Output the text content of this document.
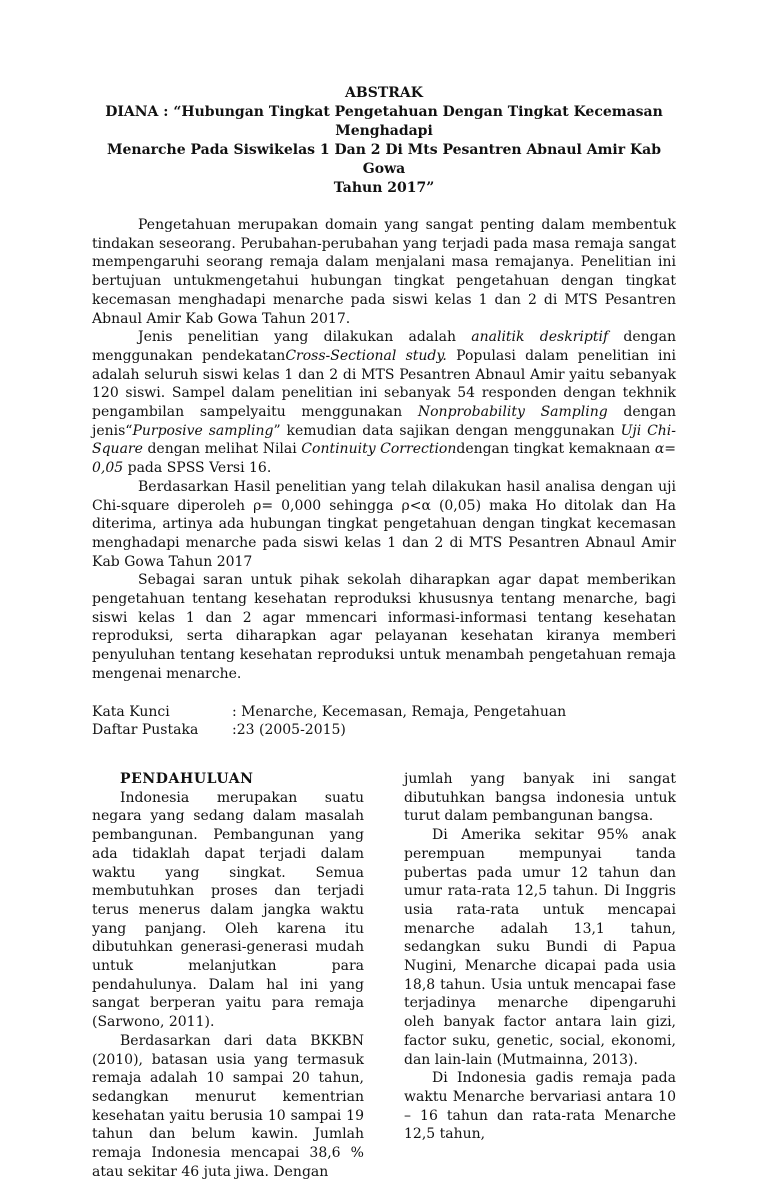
ABSTRAK

DIANA : “Hubungan Tingkat Pengetahuan Dengan Tingkat Kecemasan Menghadapi

Menarche Pada Siswikelas 1 Dan 2 Di Mts Pesantren Abnaul Amir Kab Gowa

Tahun 2017”

Pengetahuan merupakan domain yang sangat penting dalam membentuk tindakan seseorang. Perubahan-perubahan yang terjadi pada masa remaja sangat mempengaruhi seorang remaja dalam menjalani masa remajanya. Penelitian ini bertujuan untukmengetahui hubungan tingkat pengetahuan dengan tingkat kecemasan menghadapi menarche pada siswi kelas 1 dan 2 di MTS Pesantren Abnaul Amir Kab Gowa Tahun 2017.

Jenis penelitian yang dilakukan adalah analitik deskriptif dengan menggunakan pendekatanCross-Sectional study. Populasi dalam penelitian ini adalah seluruh siswi kelas 1 dan 2 di MTS Pesantren Abnaul Amir yaitu sebanyak 120 siswi. Sampel dalam penelitian ini sebanyak 54 responden dengan tekhnik pengambilan sampelyaitu menggunakan Nonprobability Sampling dengan jenis“Purposive sampling” kemudian data sajikan dengan menggunakan Uji Chi-Square dengan melihat Nilai Continuity Correctiondengan tingkat kemaknaan α= 0,05 pada SPSS Versi 16.

Berdasarkan Hasil penelitian yang telah dilakukan hasil analisa dengan uji Chi-square diperoleh ρ= 0,000 sehingga ρ<α (0,05) maka Ho ditolak dan Ha diterima, artinya ada hubungan tingkat pengetahuan dengan tingkat kecemasan menghadapi menarche pada siswi kelas 1 dan 2 di MTS Pesantren Abnaul Amir Kab Gowa Tahun 2017

Sebagai saran untuk pihak sekolah diharapkan agar dapat memberikan pengetahuan tentang kesehatan reproduksi khususnya tentang menarche, bagi siswi kelas 1 dan 2 agar mmencari informasi-informasi tentang kesehatan reproduksi, serta diharapkan agar pelayanan kesehatan kiranya memberi penyuluhan tentang kesehatan reproduksi untuk menambah pengetahuan remaja mengenai menarche.

Kata Kunci	: Menarche, Kecemasan, Remaja, Pengetahuan
Daftar Pustaka	:23 (2005-2015)

PENDAHULUAN

Indonesia merupakan suatu negara yang sedang dalam masalah pembangunan. Pembangunan yang ada tidaklah dapat terjadi dalam waktu yang singkat. Semua membutuhkan proses dan terjadi terus menerus dalam jangka waktu yang panjang. Oleh karena itu dibutuhkan generasi-generasi mudah untuk melanjutkan para pendahulunya. Dalam hal ini yang sangat berperan yaitu para remaja (Sarwono, 2011).

Berdasarkan dari data BKKBN (2010), batasan usia yang termasuk remaja adalah 10 sampai 20 tahun, sedangkan menurut kementrian kesehatan yaitu berusia 10 sampai 19 tahun dan belum kawin. Jumlah remaja Indonesia mencapai 38,6 % atau sekitar 46 juta jiwa. Dengan

jumlah yang banyak ini sangat dibutuhkan bangsa indonesia untuk turut dalam pembangunan bangsa.

Di Amerika sekitar 95% anak perempuan mempunyai tanda pubertas pada umur 12 tahun dan umur rata-rata 12,5 tahun. Di Inggris usia rata-rata untuk mencapai menarche adalah 13,1 tahun, sedangkan suku Bundi di Papua Nugini, Menarche dicapai pada usia 18,8 tahun. Usia untuk mencapai fase terjadinya menarche dipengaruhi oleh banyak factor antara lain gizi, factor suku, genetic, social, ekonomi, dan lain-lain (Mutmainna, 2013).

Di Indonesia gadis remaja pada waktu Menarche bervariasi antara 10 – 16 tahun dan rata-rata Menarche 12,5 tahun,
